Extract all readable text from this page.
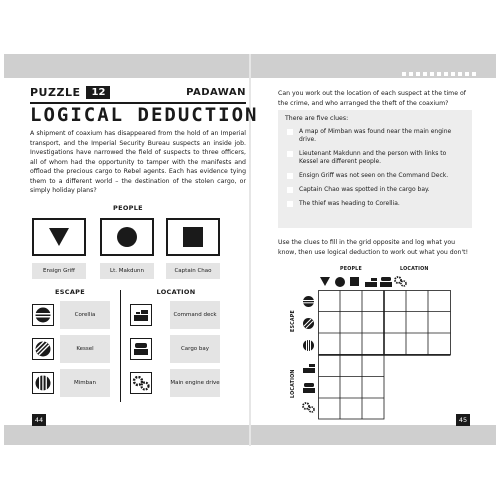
PUZZLE	12	PADAWAN
LOGICAL DEDUCTION
A shipment of coaxium has disappeared from the hold of an Imperial transport, and the Imperial Security Bureau suspects an inside job. Investigations have narrowed the field of suspects to three officers, all of whom had the opportunity to tamper with the manifests and offload the precious cargo to Rebel agents. Each has evidence tying them to a different world – the destination of the stolen cargo, or simply holiday plans?
PEOPLE
Ensign Griff	Lt. Makdunn	Captain Chao
ESCAPE	LOCATION
Corellia
Kessel
Mimban
Command deck
Cargo bay
Main engine drive
44
Can you work out the location of each suspect at the time of the crime, and who arranged the theft of the coaxium?
There are five clues:
A map of Mimban was found near the main engine drive.
Lieutenant Makdunn and the person with links to Kessel are different people.
Ensign Griff was not seen on the Command Deck.
Captain Chao was spotted in the cargo bay.
The thief was heading to Corellia.
Use the clues to fill in the grid opposite and log what you know, then use logical deduction to work out what you don't!
PEOPLE	LOCATION
ESCAPE
LOCATION
45
